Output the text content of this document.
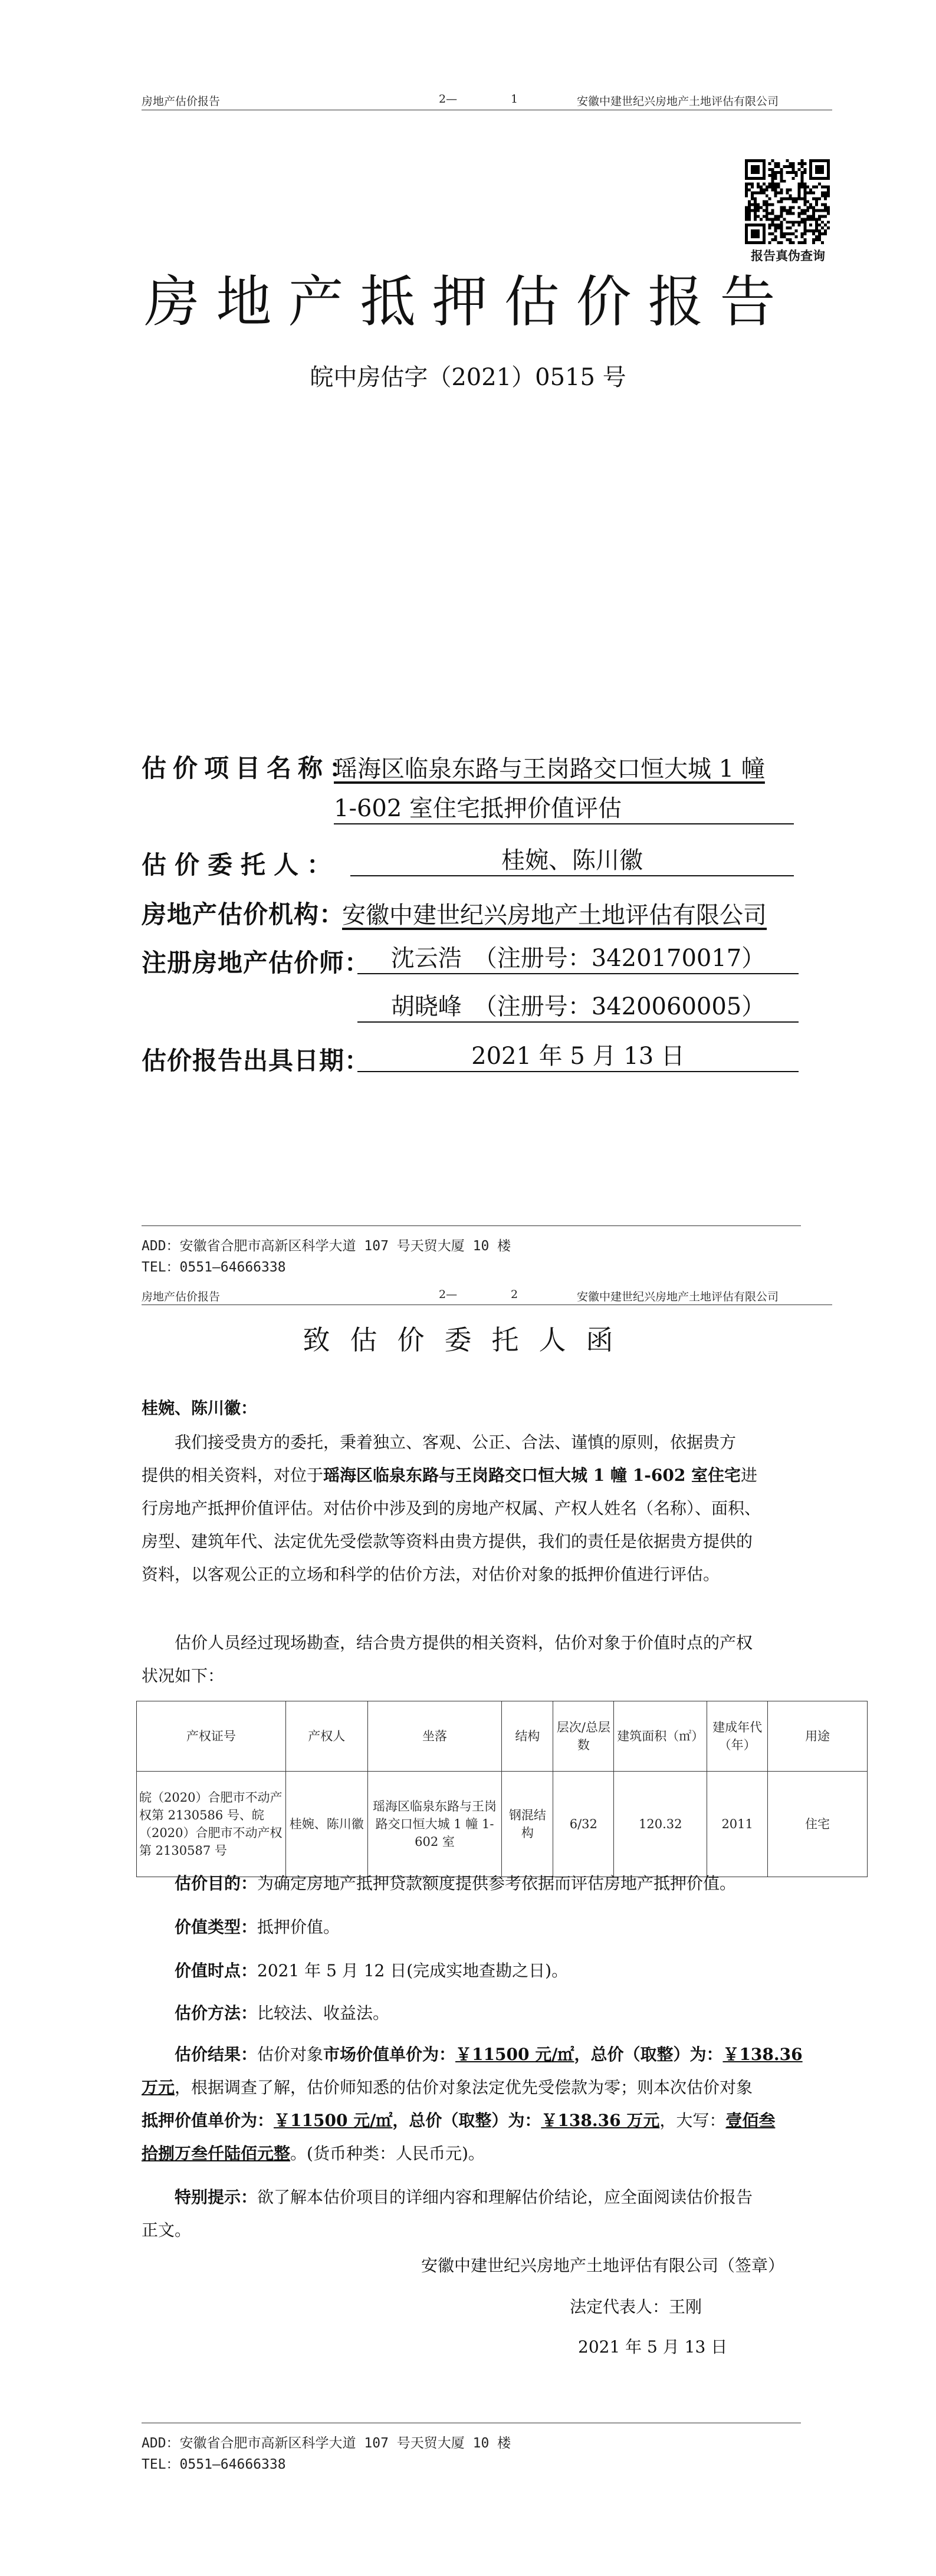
房地产估价报告	2—	1	安徽中建世纪兴房地产土地评估有限公司
报告真伪查询
房地产抵押估价报告
皖中房估字（2021）0515 号
估价项目名称：
瑶海区临泉东路与王岗路交口恒大城 1 幢
1-602 室住宅抵押价值评估
估价委托人：	桂婉、陈川徽
房地产估价机构：
安徽中建世纪兴房地产土地评估有限公司
注册房地产估价师： 沈云浩　（注册号：3420170017）
胡晓峰　（注册号：3420060005）
估价报告出具日期：	2021 年 5 月 13 日
ADD：安徽省合肥市高新区科学大道 107 号天贸大厦 10 楼
TEL：0551—64666338
房地产估价报告	2—	2	安徽中建世纪兴房地产土地评估有限公司
致估价委托人函
桂婉、陈川徽：
我们接受贵方的委托，秉着独立、客观、公正、合法、谨慎的原则，依据贵方
提供的相关资料，对位于瑶海区临泉东路与王岗路交口恒大城 1 幢 1-602 室住宅进
行房地产抵押价值评估。对估价中涉及到的房地产权属、产权人姓名（名称）、面积、
房型、建筑年代、法定优先受偿款等资料由贵方提供，我们的责任是依据贵方提供的
资料，以客观公正的立场和科学的估价方法，对估价对象的抵押价值进行评估。
估价人员经过现场勘查，结合贵方提供的相关资料，估价对象于价值时点的产权
状况如下：
产权证号	产权人	坐落	结构	层次/总层数	建筑面积（㎡）	建成年代（年）	用途
皖（2020）合肥市不动产权第 2130586 号、皖（2020）合肥市不动产权第 2130587 号	桂婉、陈川徽	瑶海区临泉东路与王岗路交口恒大城 1 幢 1-602 室	钢混结构	6/32	120.32	2011	住宅
估价目的：为确定房地产抵押贷款额度提供参考依据而评估房地产抵押价值。
价值类型：抵押价值。
价值时点：2021 年 5 月 12 日(完成实地查勘之日)。
估价方法：比较法、收益法。
估价结果：估价对象市场价值单价为：￥11500 元/㎡，总价（取整）为：￥138.36
万元，根据调查了解，估价师知悉的估价对象法定优先受偿款为零；则本次估价对象
抵押价值单价为：￥11500 元/㎡，总价（取整）为：￥138.36 万元，大写：壹佰叁
拾捌万叁仟陆佰元整。(货币种类：人民币元)。
特别提示：欲了解本估价项目的详细内容和理解估价结论，应全面阅读估价报告
正文。
安徽中建世纪兴房地产土地评估有限公司（签章）
法定代表人：王刚
2021 年 5 月 13 日
ADD：安徽省合肥市高新区科学大道 107 号天贸大厦 10 楼
TEL：0551—64666338
